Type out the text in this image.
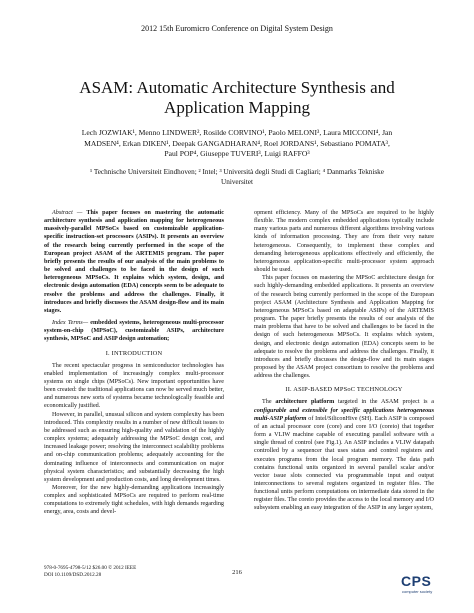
2012 15th Euromicro Conference on Digital System Design
ASAM: Automatic Architecture Synthesis and
Application Mapping
Lech JOZWIAK¹, Menno LINDWER², Rosilde CORVINO¹, Paolo MELONI³, Laura MICCONI⁴, Jan
MADSEN⁴, Erkan DIKEN¹, Deepak GANGADHARAN⁴, Roel JORDANS¹, Sebastiano POMATA³,
Paul POP⁴, Giuseppe TUVERI³, Luigi RAFFO³
¹ Technische Universiteit Eindhoven; ² Intel; ³ Università degli Studi di Cagliari; ⁴ Danmarks Tekniske
Universitet

Abstract — This paper focuses on mastering the automatic architecture synthesis and application mapping for heterogeneous massively-parallel MPSoCs based on customizable application-specific instruction-set processors (ASIPs). It presents an overview of the research being currently performed in the scope of the European project ASAM of the ARTEMIS program. The paper briefly presents the results of our analysis of the main problems to be solved and challenges to be faced in the design of such heterogeneous MPSoCs. It explains which system, design, and electronic design automation (EDA) concepts seem to be adequate to resolve the problems and address the challenges. Finally, it introduces and briefly discusses the ASAM design-flow and its main stages.

Index Terms— embedded systems, heterogeneous multi-processor system-on-chip (MPSoC), customizable ASIPs, architecture synthesis, MPSoC and ASIP design automation;

I. INTRODUCTION

The recent spectacular progress in semiconductor technologies has enabled implementation of increasingly complex multi-processor systems on single chips (MPSoCs). New important opportunities have been created: the traditional applications can now be served much better, and numerous new sorts of systems became technologically feasible and economically justified.

However, in parallel, unusual silicon and system complexity has been introduced. This complexity results in a number of new difficult issues to be addressed such as ensuring high-quality and validation of the highly complex systems; adequately addressing the MPSoC design cost, and increased leakage power; resolving the interconnect scalability problems and on-chip communication problems; adequately accounting for the dominating influence of interconnects and communication on major physical system characteristics; and substantially decreasing the high system development and production costs, and long development times.

Moreover, for the new highly-demanding applications increasingly complex and sophisticated MPSoCs are required to perform real-time computations to extremely tight schedules, with high demands regarding energy, area, costs and devel-

opment efficiency. Many of the MPSoCs are required to be highly flexible. The modern complex embedded applications typically include many various parts and numerous different algorithms involving various kinds of information processing. They are from their very nature heterogeneous. Consequently, to implement these complex and demanding heterogeneous applications effectively and efficiently, the heterogeneous application-specific multi-processor system approach should be used.

This paper focuses on mastering the MPSoC architecture design for such highly-demanding embedded applications. It presents an overview of the research being currently performed in the scope of the European project ASAM (Architecture Synthesis and Application Mapping for heterogeneous MPSoCs based on adaptable ASIPs) of the ARTEMIS program. The paper briefly presents the results of our analysis of the main problems that have to be solved and challenges to be faced in the design of such heterogeneous MPSoCs. It explains which system, design, and electronic design automation (EDA) concepts seem to be adequate to resolve the problems and address the challenges. Finally, it introduces and briefly discusses the design-flow and its main stages proposed by the ASAM project consortium to resolve the problems and address the challenges.

II. ASIP-BASED MPSoC TECHNOLOGY

The architecture platform targeted in the ASAM project is a configurable and extensible for specific applications heterogeneous multi-ASIP platform of Intel/SiliconHive (SH). Each ASIP is composed of an actual processor core (core) and core I/O (coreio) that together form a VLIW machine capable of executing parallel software with a single thread of control (see Fig.1). An ASIP includes a VLIW datapath controlled by a sequencer that uses status and control registers and executes programs from the local program memory. The data path contains functional units organized in several parallel scalar and/or vector issue slots connected via programmable input and output interconnections to several registers organized in register files. The functional units perform computations on intermediate data stored in the register files. The coreio provides the access to the local memory and I/O subsystem enabling an easy integration of the ASIP in any larger system,

978-0-7695-4798-5/12 $26.00 © 2012 IEEE
DOI 10.1109/DSD.2012.28	216
CPS
computer society
